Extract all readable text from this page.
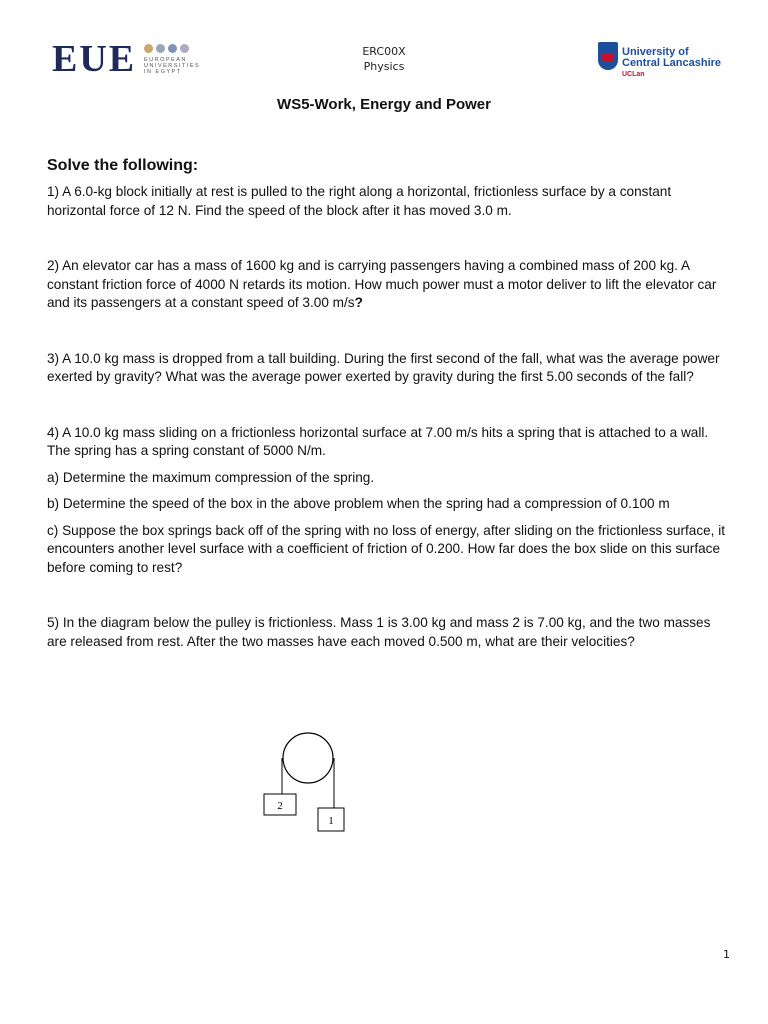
EUE EUROPEAN
UNIVERSITIES
IN EGYPT
ERC00X
Physics
University of
Central Lancashire
UCLan
WS5-Work, Energy and Power

Solve the following:

1) A 6.0-kg block initially at rest is pulled to the right along a horizontal, frictionless surface by a constant horizontal force of 12 N. Find the speed of the block after it has moved 3.0 m.

2) An elevator car has a mass of 1600 kg and is carrying passengers having a combined mass of 200 kg. A constant friction force of 4000 N retards its motion. How much power must a motor deliver to lift the elevator car and its passengers at a constant speed of 3.00 m/s?

3) A 10.0 kg mass is dropped from a tall building. During the first second of the fall, what was the average power exerted by gravity? What was the average power exerted by gravity during the first 5.00 seconds of the fall?

4) A 10.0 kg mass sliding on a frictionless horizontal surface at 7.00 m/s hits a spring that is attached to a wall. The spring has a spring constant of 5000 N/m.

a) Determine the maximum compression of the spring.

b) Determine the speed of the box in the above problem when the spring had a compression of 0.100 m

c) Suppose the box springs back off of the spring with no loss of energy, after sliding on the frictionless surface, it encounters another level surface with a coefficient of friction of 0.200. How far does the box slide on this surface before coming to rest?

5) In the diagram below the pulley is frictionless. Mass 1 is 3.00 kg and mass 2 is 7.00 kg, and the two masses are released from rest. After the two masses have each moved 0.500 m, what are their velocities?

2
1
1
